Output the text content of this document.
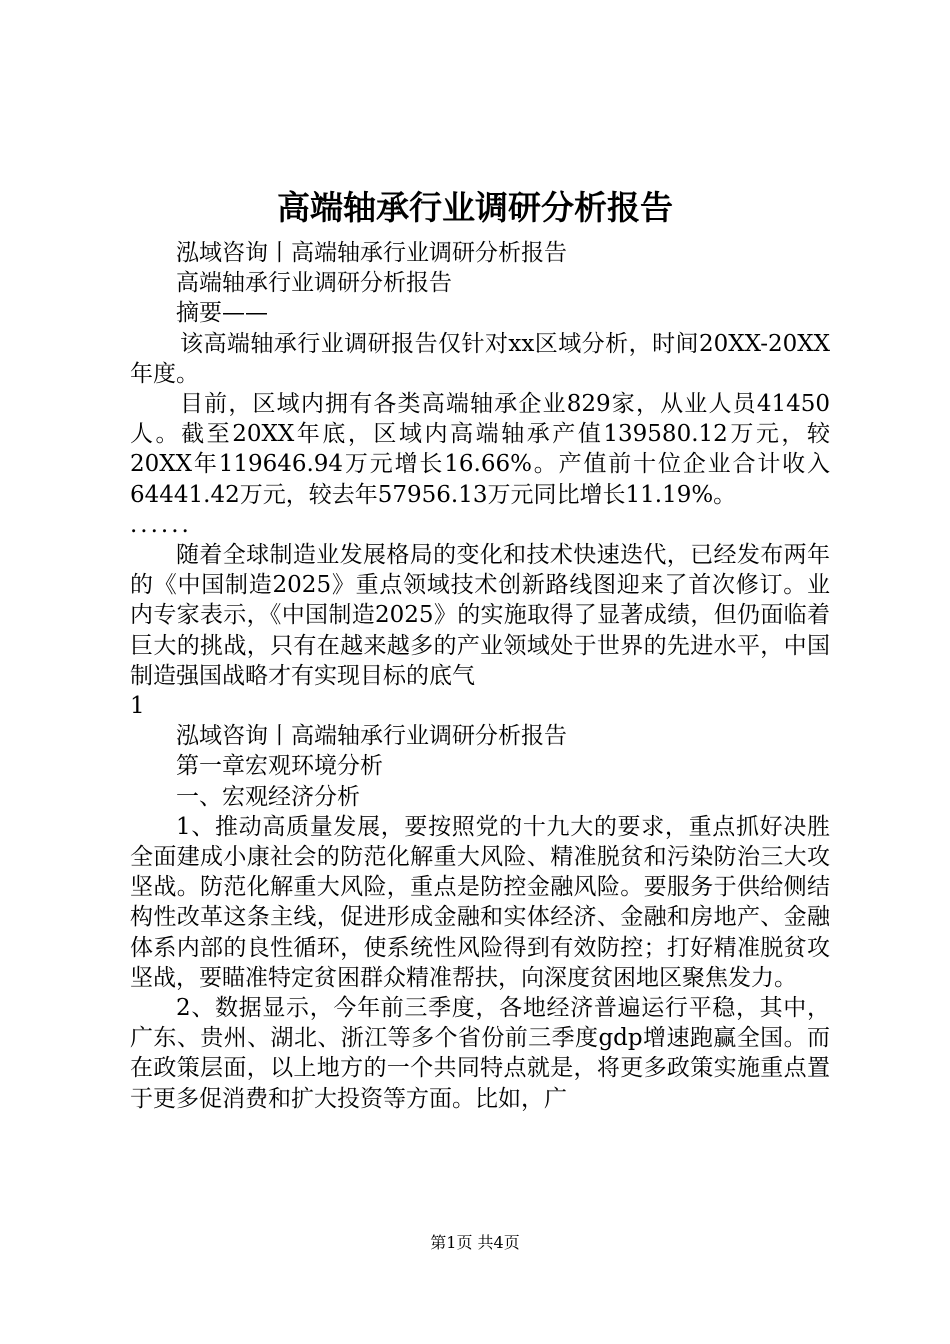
高端轴承行业调研分析报告

泓域咨询丨高端轴承行业调研分析报告

高端轴承行业调研分析报告

摘要——

该高端轴承行业调研报告仅针对xx区域分析，时间20XX-20XX年度。

目前，区域内拥有各类高端轴承企业829家，从业人员41450人。截至20XX年底，区域内高端轴承产值139580.12万元，较20XX年119646.94万元增长16.66%。产值前十位企业合计收入64441.42万元，较去年57956.13万元同比增长11.19%。

......

随着全球制造业发展格局的变化和技术快速迭代，已经发布两年的《中国制造2025》重点领域技术创新路线图迎来了首次修订。业内专家表示，《中国制造2025》的实施取得了显著成绩，但仍面临着巨大的挑战，只有在越来越多的产业领域处于世界的先进水平，中国制造强国战略才有实现目标的底气

1

泓域咨询丨高端轴承行业调研分析报告

第一章宏观环境分析

一、宏观经济分析

1、推动高质量发展，要按照党的十九大的要求，重点抓好决胜全面建成小康社会的防范化解重大风险、精准脱贫和污染防治三大攻坚战。防范化解重大风险，重点是防控金融风险。要服务于供给侧结构性改革这条主线，促进形成金融和实体经济、金融和房地产、金融体系内部的良性循环，使系统性风险得到有效防控；打好精准脱贫攻坚战，要瞄准特定贫困群众精准帮扶，向深度贫困地区聚焦发力。

2、数据显示，今年前三季度，各地经济普遍运行平稳，其中，广东、贵州、湖北、浙江等多个省份前三季度gdp增速跑赢全国。而在政策层面，以上地方的一个共同特点就是，将更多政策实施重点置于更多促消费和扩大投资等方面。比如，广

第1页 共4页
